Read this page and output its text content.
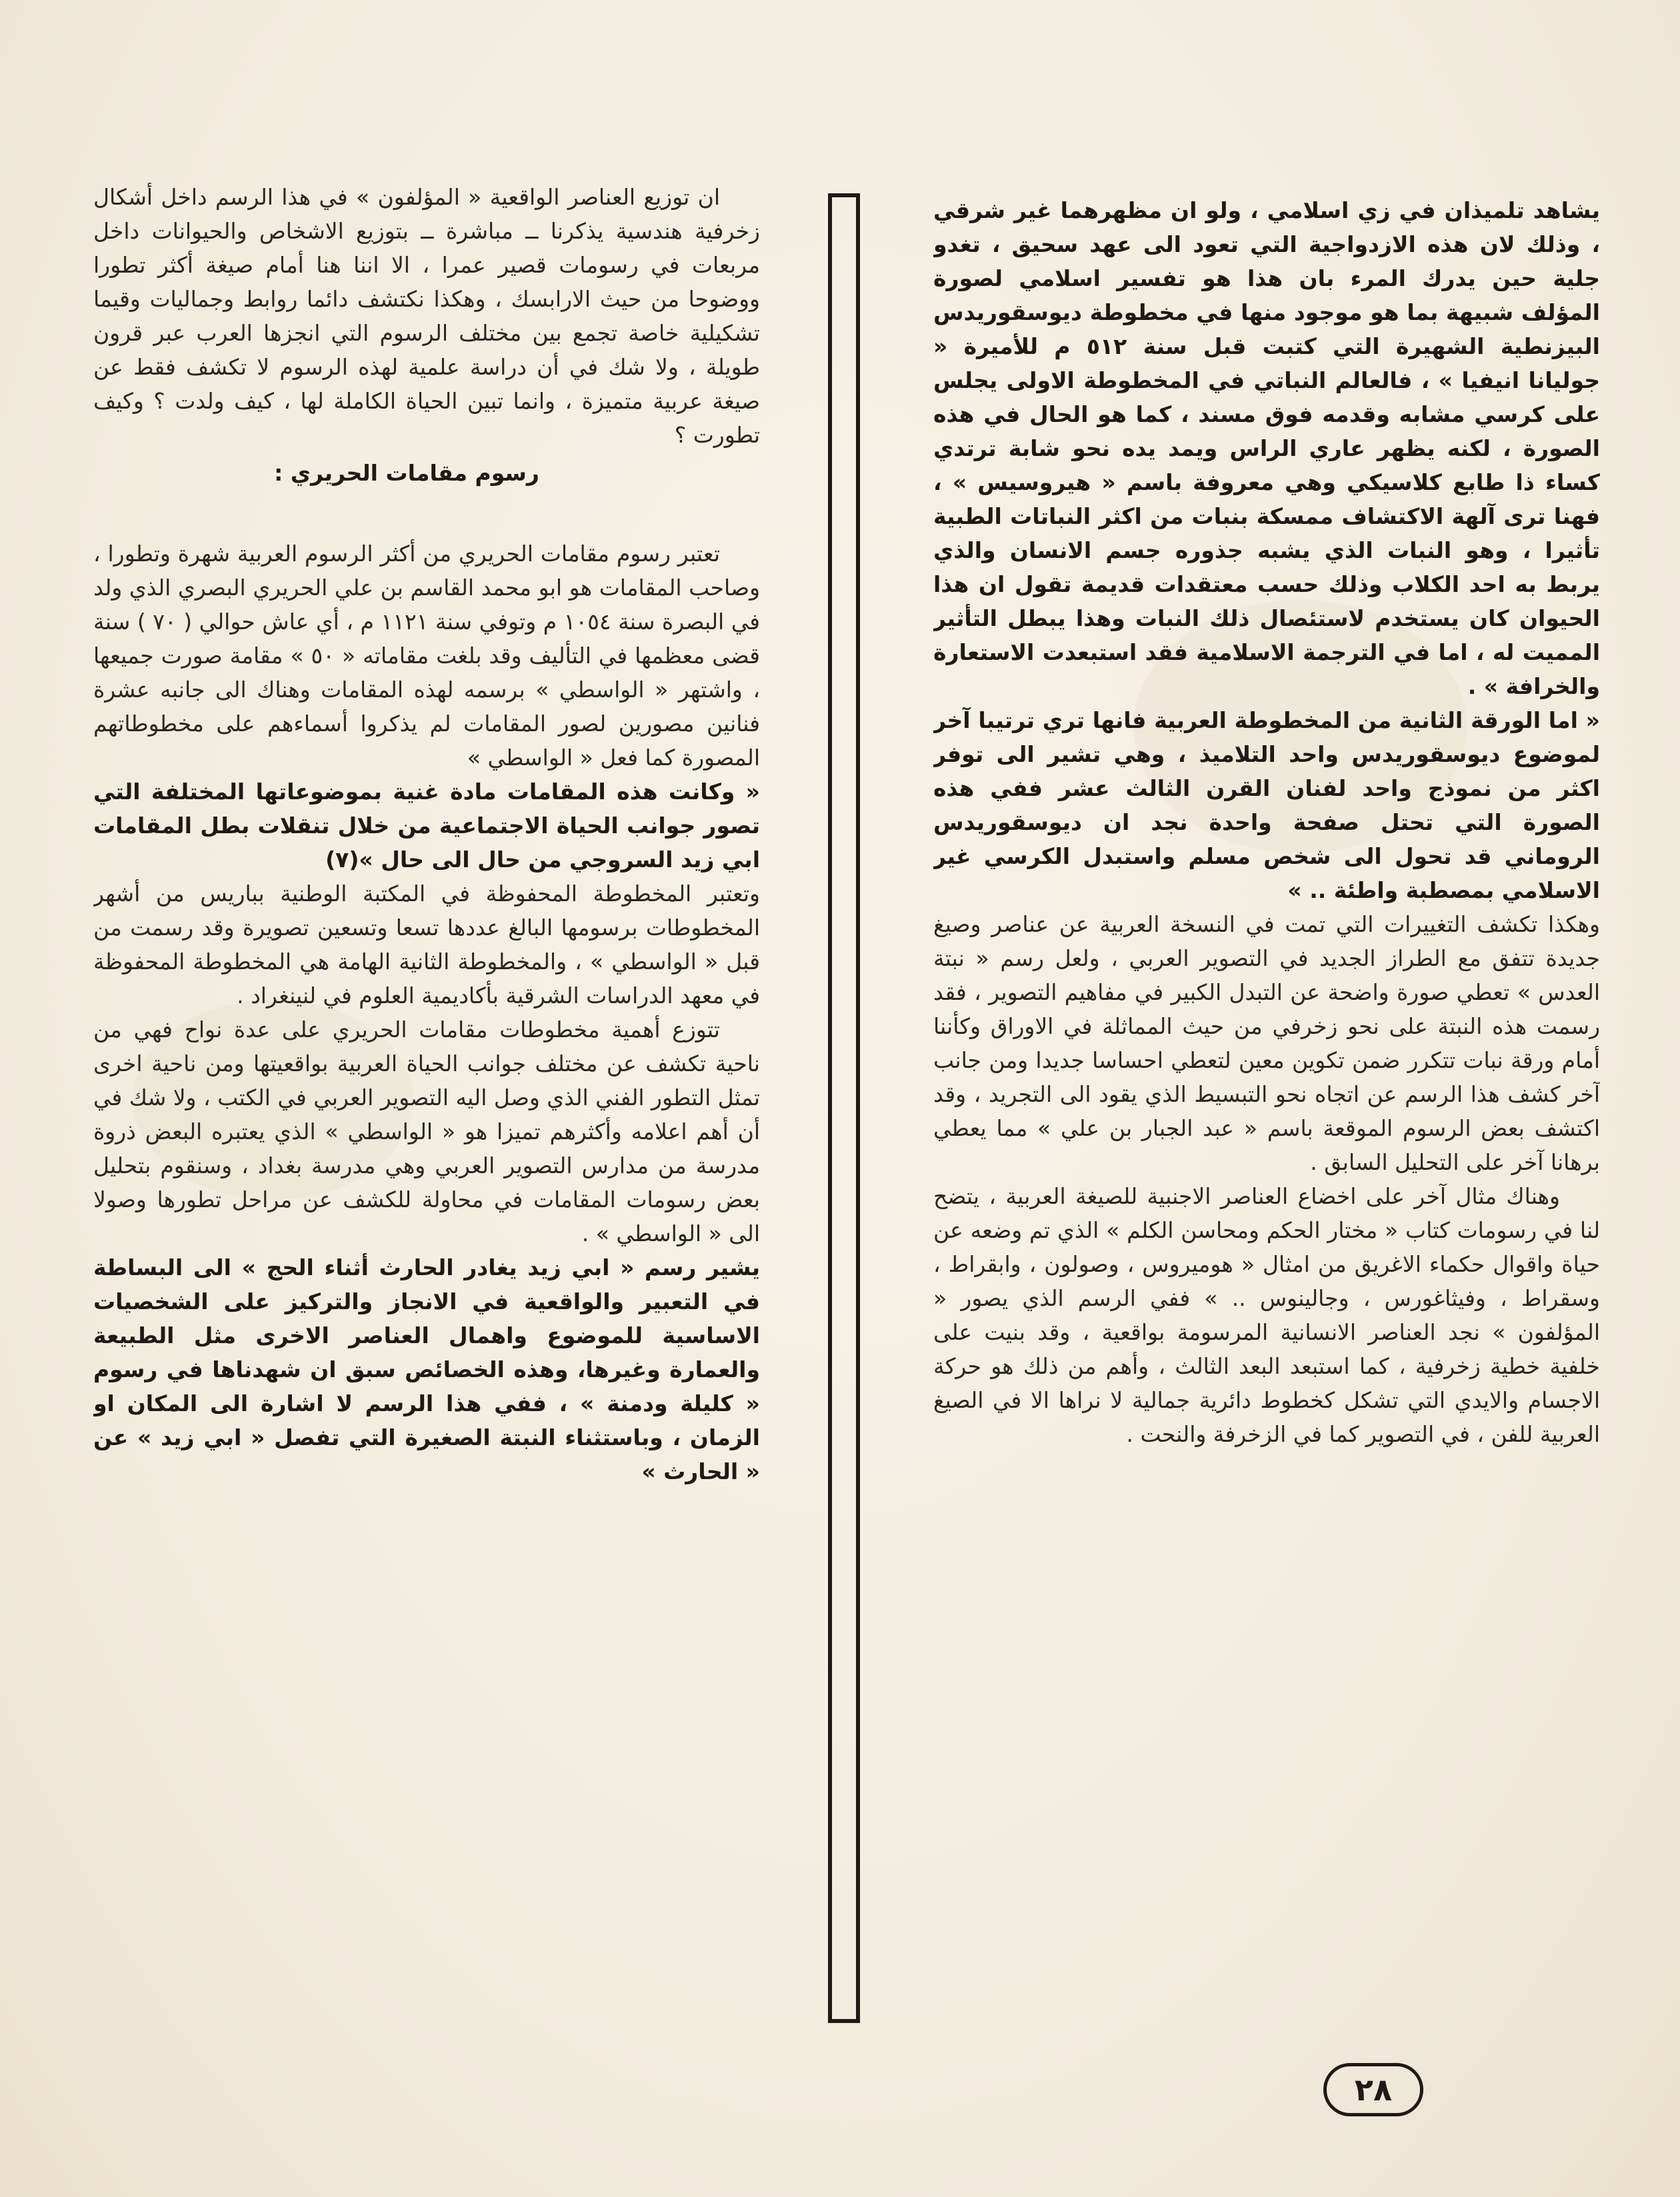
يشاهد تلميذان في زي اسلامي ، ولو ان مظهرهما غير شرقي ، وذلك لان هذه الازدواجية التي تعود الى عهد سحيق ، تغدو جلية حين يدرك المرء بان هذا هو تفسير اسلامي لصورة المؤلف شبيهة بما هو موجود منها في مخطوطة ديوسقوريدس البيزنطية الشهيرة التي كتبت قبل سنة ٥١٢ م للأميرة « جوليانا انيفيا » ، فالعالم النباتي في المخطوطة الاولى يجلس على كرسي مشابه وقدمه فوق مسند ، كما هو الحال في هذه الصورة ، لكنه يظهر عاري الراس ويمد يده نحو شابة ترتدي كساء ذا طابع كلاسيكي وهي معروفة باسم « هيروسيس » ، فهنا ترى آلهة الاكتشاف ممسكة بنبات من اكثر النباتات الطبية تأثيرا ، وهو النبات الذي يشبه جذوره جسم الانسان والذي يربط به احد الكلاب وذلك حسب معتقدات قديمة تقول ان هذا الحيوان كان يستخدم لاستئصال ذلك النبات وهذا يبطل التأثير المميت له ، اما في الترجمة الاسلامية فقد استبعدت الاستعارة والخرافة » .

« اما الورقة الثانية من المخطوطة العربية فانها تري ترتيبا آخر لموضوع ديوسقوريدس واحد التلاميذ ، وهي تشير الى توفر اكثر من نموذج واحد لفنان القرن الثالث عشر ففي هذه الصورة التي تحتل صفحة واحدة نجد ان ديوسقوريدس الروماني قد تحول الى شخص مسلم واستبدل الكرسي غير الاسلامي بمصطبة واطئة .. »

وهكذا تكشف التغييرات التي تمت في النسخة العربية عن عناصر وصيغ جديدة تتفق مع الطراز الجديد في التصوير العربي ، ولعل رسم « نبتة العدس » تعطي صورة واضحة عن التبدل الكبير في مفاهيم التصوير ، فقد رسمت هذه النبتة على نحو زخرفي من حيث المماثلة في الاوراق وكأننا أمام ورقة نبات تتكرر ضمن تكوين معين لتعطي احساسا جديدا ومن جانب آخر كشف هذا الرسم عن اتجاه نحو التبسيط الذي يقود الى التجريد ، وقد اكتشف بعض الرسوم الموقعة باسم « عبد الجبار بن علي » مما يعطي برهانا آخر على التحليل السابق .

وهناك مثال آخر على اخضاع العناصر الاجنبية للصيغة العربية ، يتضح لنا في رسومات كتاب « مختار الحكم ومحاسن الكلم » الذي تم وضعه عن حياة واقوال حكماء الاغريق من امثال « هوميروس ، وصولون ، وابقراط ، وسقراط ، وفيثاغورس ، وجالينوس .. » ففي الرسم الذي يصور « المؤلفون » نجد العناصر الانسانية المرسومة بواقعية ، وقد بنيت على خلفية خطية زخرفية ، كما استبعد البعد الثالث ، وأهم من ذلك هو حركة الاجسام والايدي التي تشكل كخطوط دائرية جمالية لا نراها الا في الصيغ العربية للفن ، في التصوير كما في الزخرفة والنحت .

ان توزيع العناصر الواقعية « المؤلفون » في هذا الرسم داخل أشكال زخرفية هندسية يذكرنا ــ مباشرة ــ بتوزيع الاشخاص والحيوانات داخل مربعات في رسومات قصير عمرا ، الا اننا هنا أمام صيغة أكثر تطورا ووضوحا من حيث الارابسك ، وهكذا نكتشف دائما روابط وجماليات وقيما تشكيلية خاصة تجمع بين مختلف الرسوم التي انجزها العرب عبر قرون طويلة ، ولا شك في أن دراسة علمية لهذه الرسوم لا تكشف فقط عن صيغة عربية متميزة ، وانما تبين الحياة الكاملة لها ، كيف ولدت ؟ وكيف تطورت ؟

رسوم مقامات الحريري :

تعتبر رسوم مقامات الحريري من أكثر الرسوم العربية شهرة وتطورا ، وصاحب المقامات هو ابو محمد القاسم بن علي الحريري البصري الذي ولد في البصرة سنة ١٠٥٤ م وتوفي سنة ١١٢١ م ، أي عاش حوالي ( ٧٠ ) سنة قضى معظمها في التأليف وقد بلغت مقاماته « ٥٠ » مقامة صورت جميعها ، واشتهر « الواسطي » برسمه لهذه المقامات وهناك الى جانبه عشرة فنانين مصورين لصور المقامات لم يذكروا أسماءهم على مخطوطاتهم المصورة كما فعل « الواسطي »

« وكانت هذه المقامات مادة غنية بموضوعاتها المختلفة التي تصور جوانب الحياة الاجتماعية من خلال تنقلات بطل المقامات ابي زيد السروجي من حال الى حال »(٧)

وتعتبر المخطوطة المحفوظة في المكتبة الوطنية بباريس من أشهر المخطوطات برسومها البالغ عددها تسعا وتسعين تصويرة وقد رسمت من قبل « الواسطي » ، والمخطوطة الثانية الهامة هي المخطوطة المحفوظة في معهد الدراسات الشرقية بأكاديمية العلوم في لنينغراد .

تتوزع أهمية مخطوطات مقامات الحريري على عدة نواح فهي من ناحية تكشف عن مختلف جوانب الحياة العربية بواقعيتها ومن ناحية اخرى تمثل التطور الفني الذي وصل اليه التصوير العربي في الكتب ، ولا شك في أن أهم اعلامه وأكثرهم تميزا هو « الواسطي » الذي يعتبره البعض ذروة مدرسة من مدارس التصوير العربي وهي مدرسة بغداد ، وسنقوم بتحليل بعض رسومات المقامات في محاولة للكشف عن مراحل تطورها وصولا الى « الواسطي » .

يشير رسم « ابي زيد يغادر الحارث أثناء الحج » الى البساطة في التعبير والواقعية في الانجاز والتركيز على الشخصيات الاساسية للموضوع واهمال العناصر الاخرى مثل الطبيعة والعمارة وغيرها، وهذه الخصائص سبق ان شهدناها في رسوم « كليلة ودمنة » ، ففي هذا الرسم لا اشارة الى المكان او الزمان ، وباستثناء النبتة الصغيرة التي تفصل « ابي زيد » عن « الحارث »

٢٨
